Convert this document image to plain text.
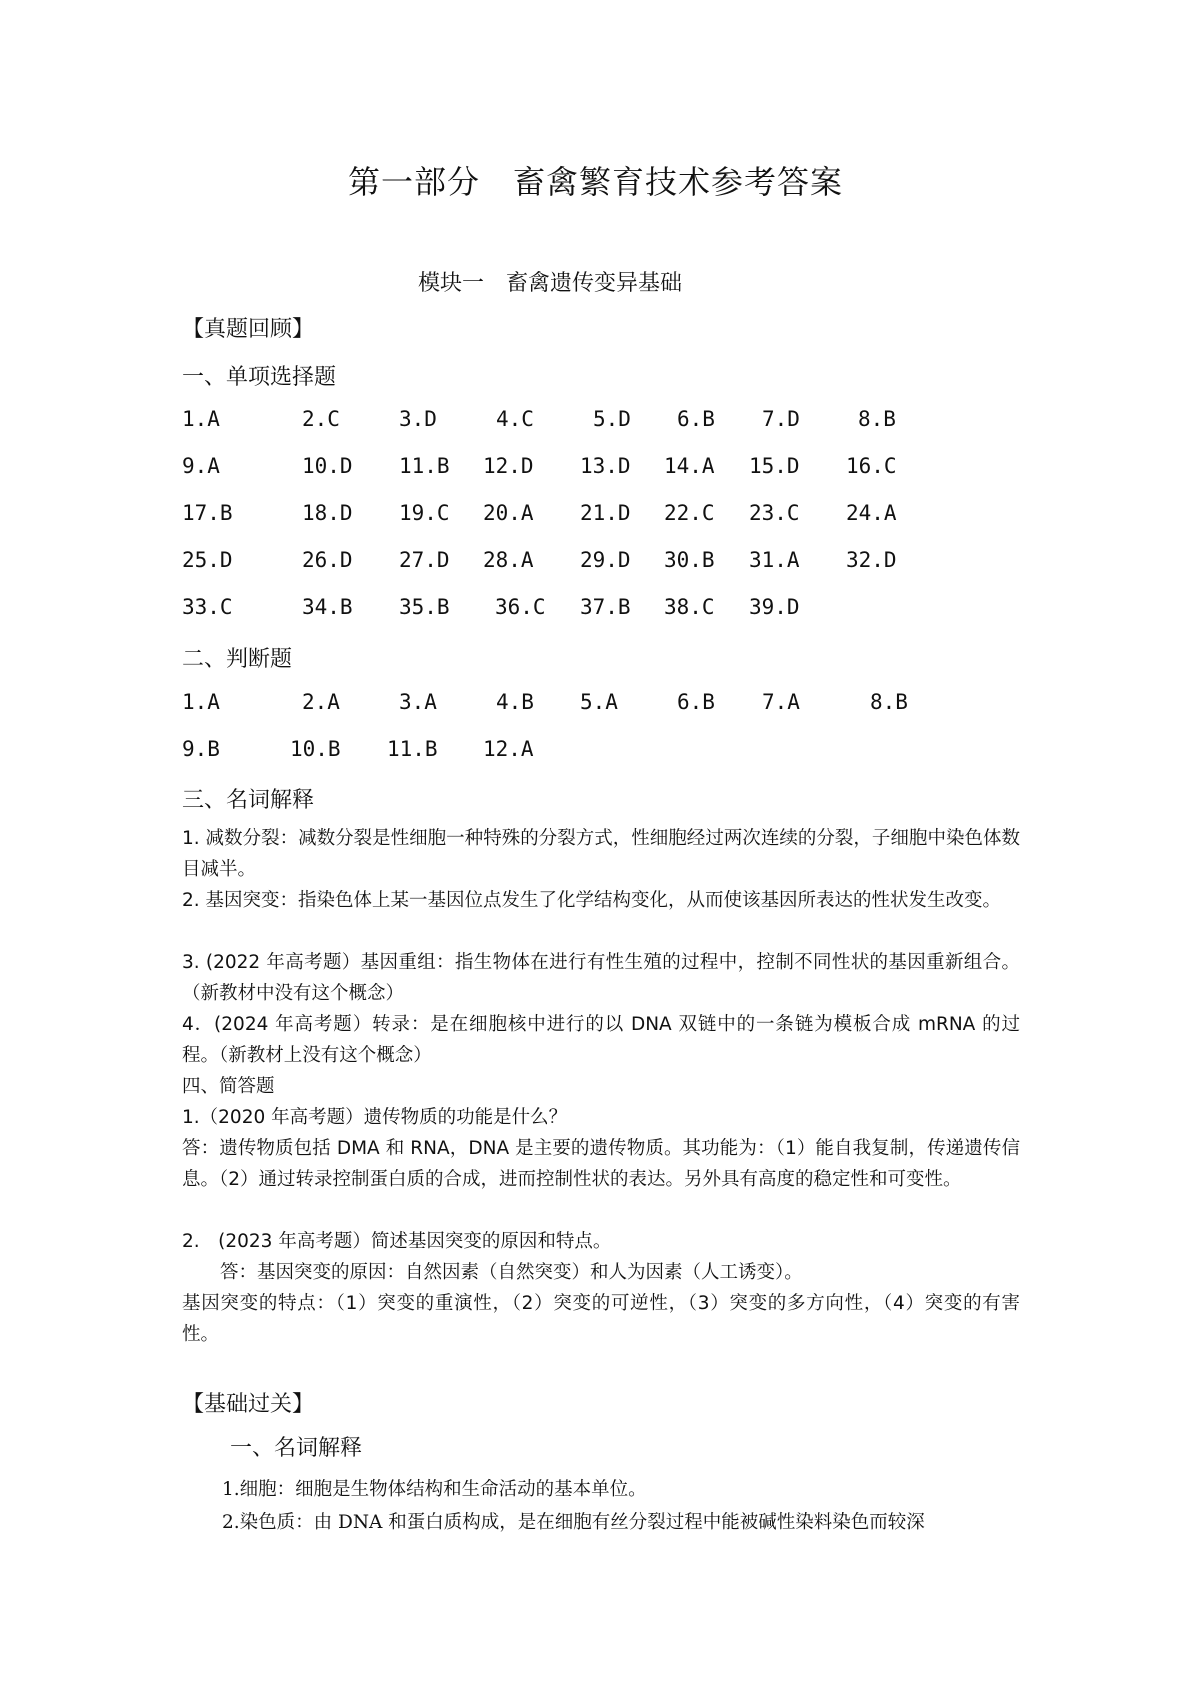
第一部分　畜禽繁育技术参考答案
模块一　畜禽遗传变异基础
【真题回顾】
一、单项选择题
1.A	2.C	3.D	4.C	5.D 6.B 7.D	8.B
9.A	10.D 11.B 12.D 13.D 14.A 15.D 16.C
17.B	18.D 19.C 20.A 21.D 22.C 23.C 24.A
25.D	26.D 27.D 28.A 29.D 30.B 31.A 32.D
33.C	34.B 35.B 36.C 37.B 38.C 39.D
二、判断题
1.A	2.A	3.A	4.B 5.A	6.B 7.A	8.B
9.B	10.B 11.B 12.A
三、名词解释
1. 减数分裂：减数分裂是性细胞一种特殊的分裂方式，性细胞经过两次连续的分裂，子细胞中染色体数目减半。
2. 基因突变：指染色体上某一基因位点发生了化学结构变化，从而使该基因所表达的性状发生改变。
3. (2022 年高考题）基因重组：指生物体在进行有性生殖的过程中，控制不同性状的基因重新组合。（新教材中没有这个概念）
4．(2024 年高考题）转录：是在细胞核中进行的以 DNA 双链中的一条链为模板合成 mRNA 的过程。（新教材上没有这个概念）
四、简答题
1.（2020 年高考题）遗传物质的功能是什么？
答：遗传物质包括 DMA 和 RNA，DNA 是主要的遗传物质。其功能为：（1）能自我复制，传递遗传信息。（2）通过转录控制蛋白质的合成，进而控制性状的表达。另外具有高度的稳定性和可变性。
2.　(2023 年高考题）简述基因突变的原因和特点。
答：基因突变的原因：自然因素（自然突变）和人为因素（人工诱变）。
基因突变的特点：（1）突变的重演性，（2）突变的可逆性，（3）突变的多方向性，（4）突变的有害性。
【基础过关】
一、名词解释
1.细胞：细胞是生物体结构和生命活动的基本单位。
2.染色质：由 DNA 和蛋白质构成，是在细胞有丝分裂过程中能被碱性染料染色而较深
